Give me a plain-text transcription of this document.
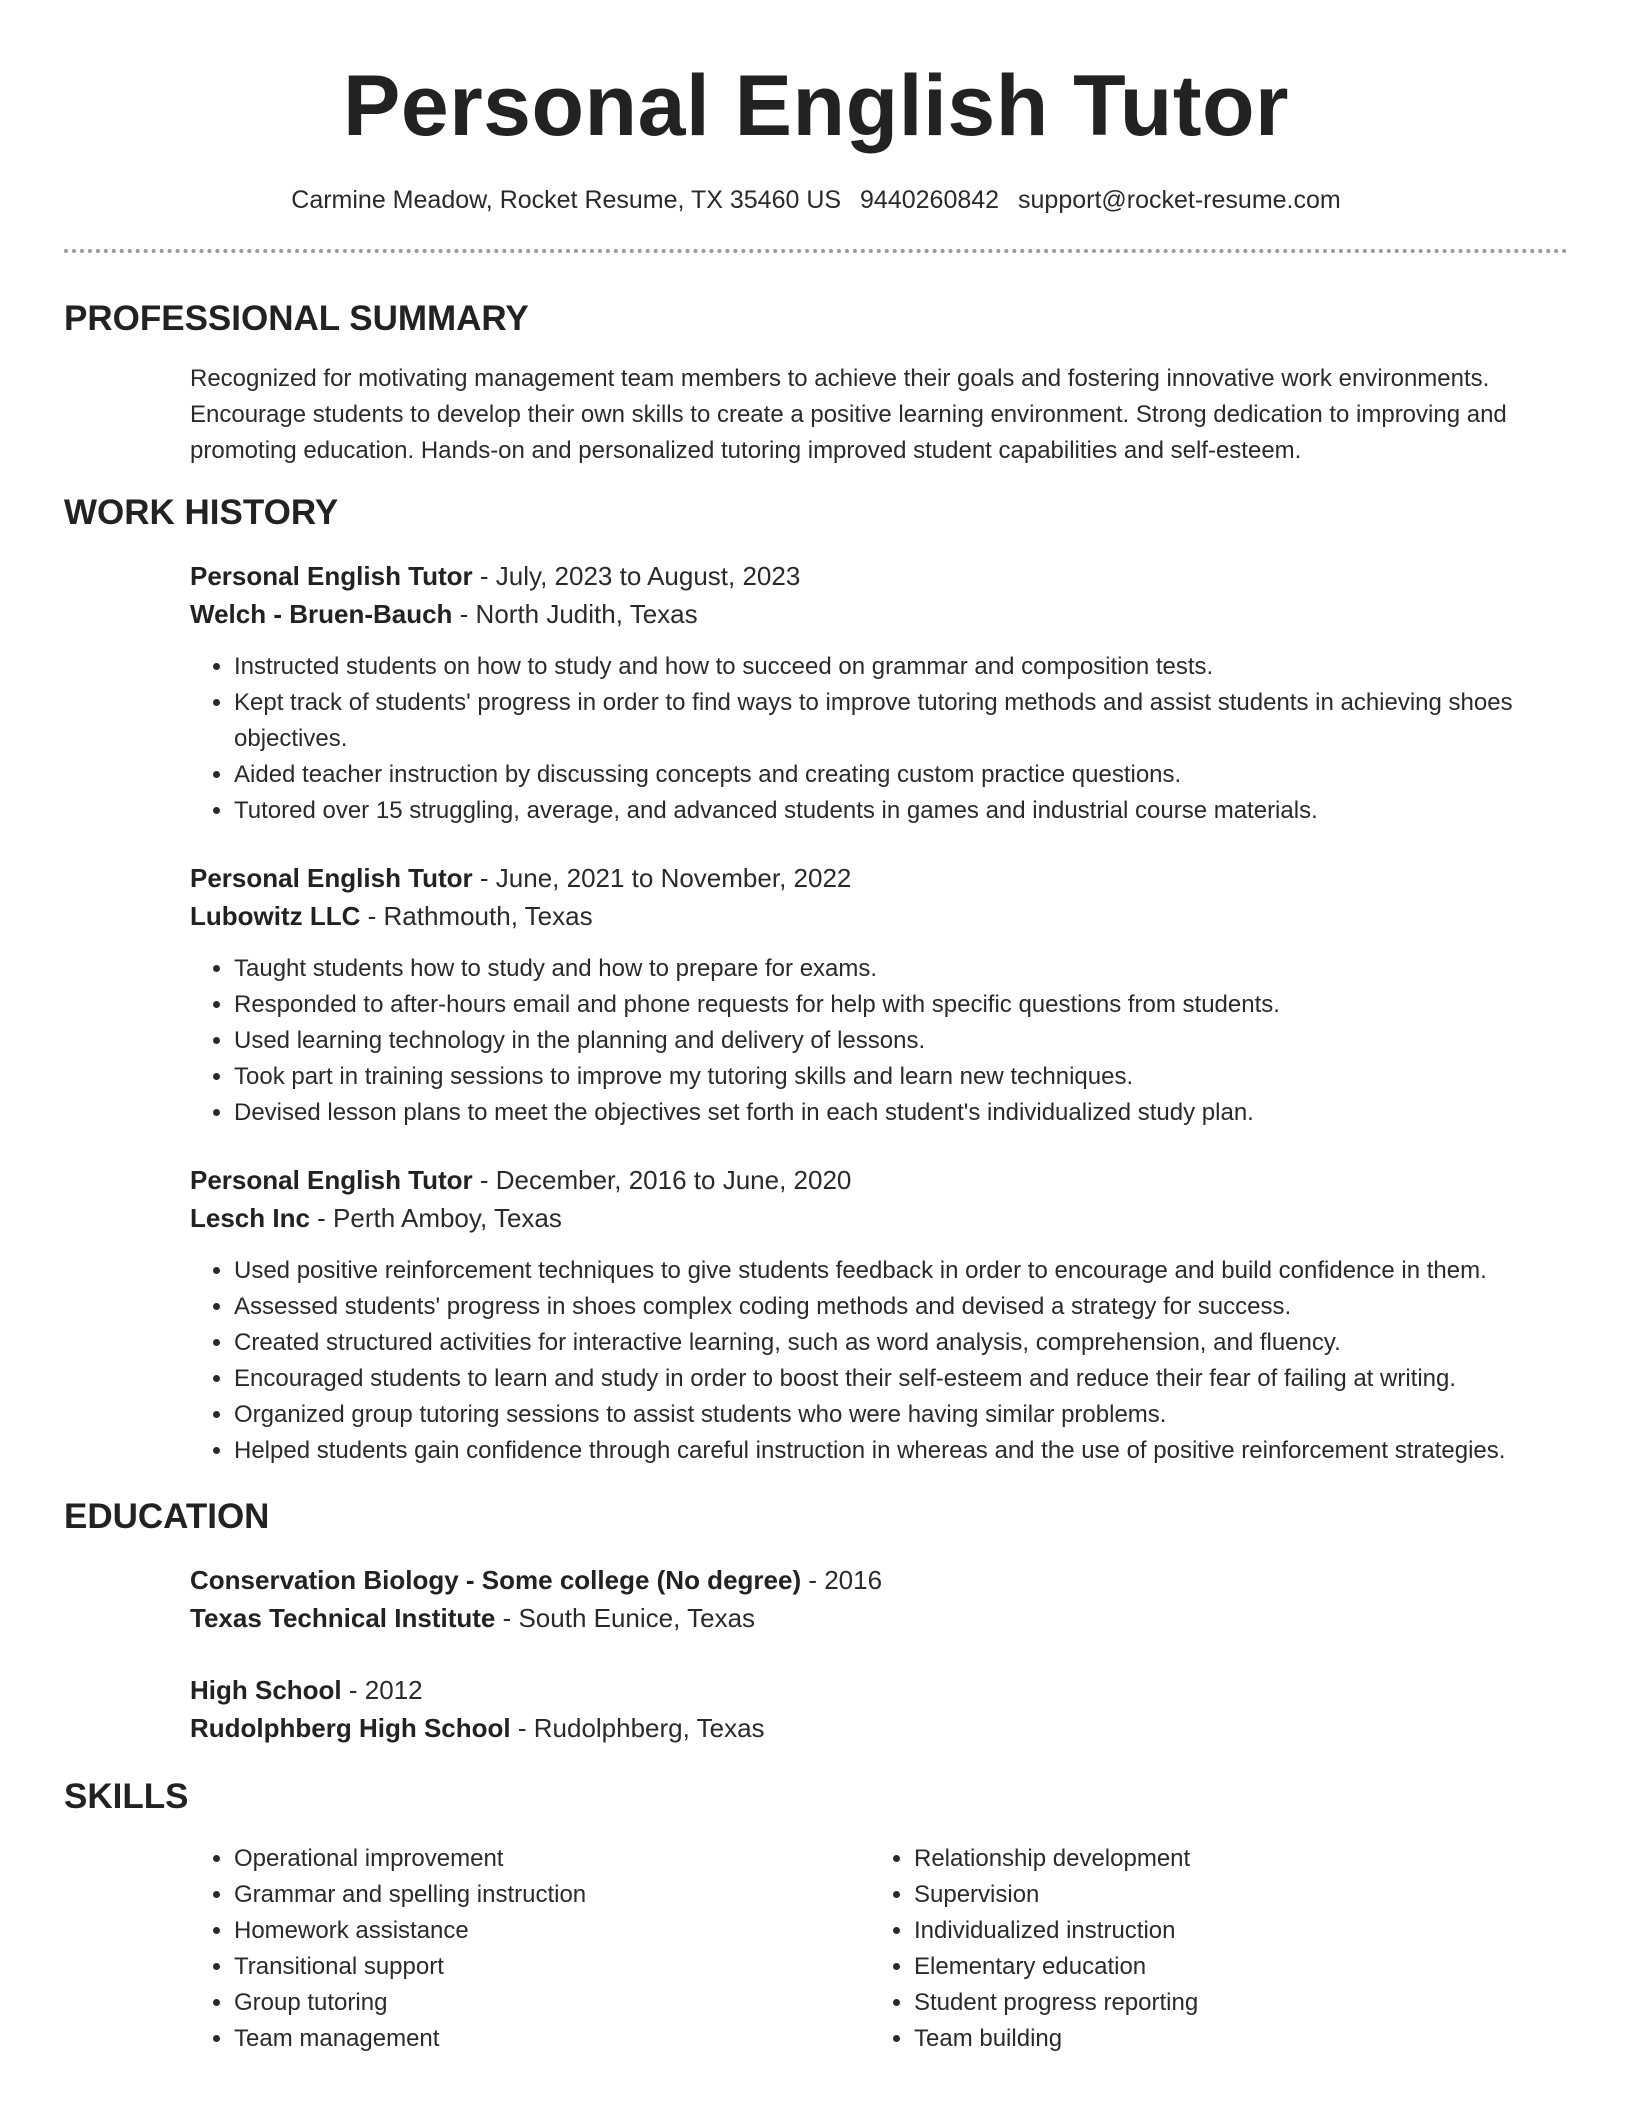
Personal English Tutor
Carmine Meadow, Rocket Resume, TX 35460 US 9440260842 support@rocket-resume.com
PROFESSIONAL SUMMARY

Recognized for motivating management team members to achieve their goals and fostering innovative work environments. Encourage students to develop their own skills to create a positive learning environment. Strong dedication to improving and promoting education. Hands-on and personalized tutoring improved student capabilities and self-esteem.

WORK HISTORY
Personal English Tutor - July, 2023 to August, 2023
Welch - Bruen-Bauch - North Judith, Texas
• Instructed students on how to study and how to succeed on grammar and composition tests.
• Kept track of students' progress in order to find ways to improve tutoring methods and assist students in achieving shoes objectives.
• Aided teacher instruction by discussing concepts and creating custom practice questions.
• Tutored over 15 struggling, average, and advanced students in games and industrial course materials.
Personal English Tutor - June, 2021 to November, 2022
Lubowitz LLC - Rathmouth, Texas
• Taught students how to study and how to prepare for exams.
• Responded to after-hours email and phone requests for help with specific questions from students.
• Used learning technology in the planning and delivery of lessons.
• Took part in training sessions to improve my tutoring skills and learn new techniques.
• Devised lesson plans to meet the objectives set forth in each student's individualized study plan.
Personal English Tutor - December, 2016 to June, 2020
Lesch Inc - Perth Amboy, Texas
• Used positive reinforcement techniques to give students feedback in order to encourage and build confidence in them.
• Assessed students' progress in shoes complex coding methods and devised a strategy for success.
• Created structured activities for interactive learning, such as word analysis, comprehension, and fluency.
• Encouraged students to learn and study in order to boost their self-esteem and reduce their fear of failing at writing.
• Organized group tutoring sessions to assist students who were having similar problems.
• Helped students gain confidence through careful instruction in whereas and the use of positive reinforcement strategies.
EDUCATION
Conservation Biology - Some college (No degree) - 2016
Texas Technical Institute - South Eunice, Texas
High School - 2012
Rudolphberg High School - Rudolphberg, Texas
SKILLS
• Operational improvement
• Grammar and spelling instruction
• Homework assistance
• Transitional support
• Group tutoring
• Team management
• Relationship development
• Supervision
• Individualized instruction
• Elementary education
• Student progress reporting
• Team building
